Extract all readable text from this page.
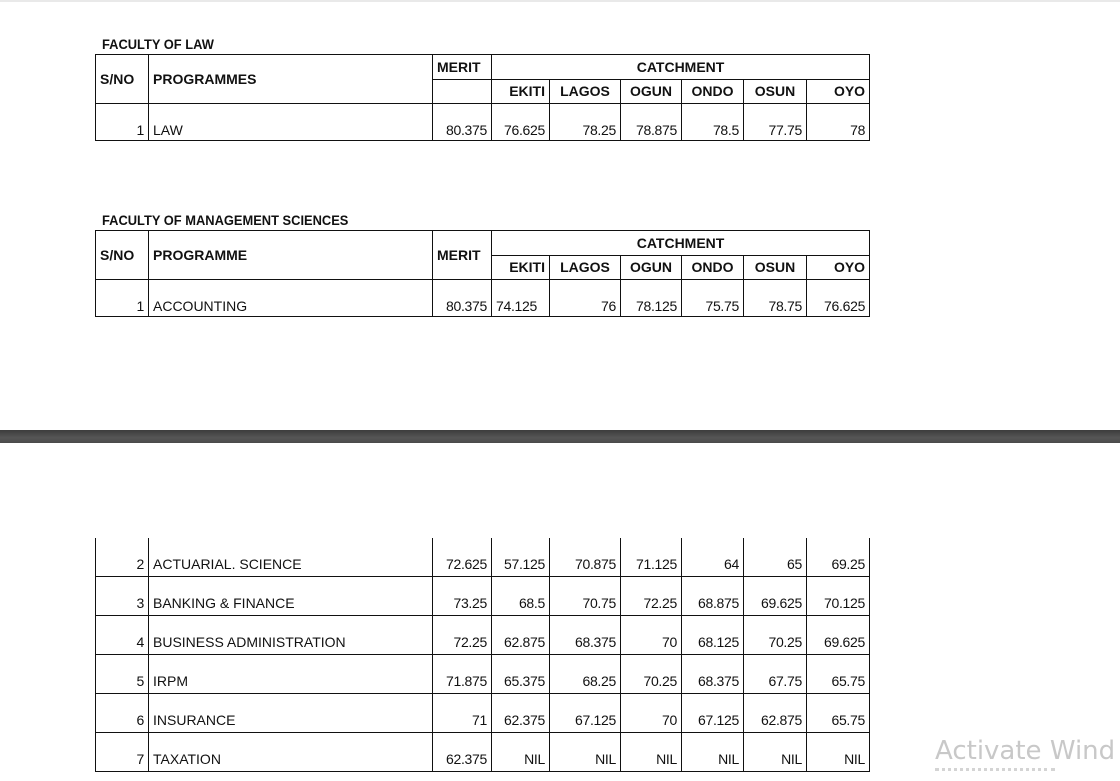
FACULTY OF LAW
S/NO	PROGRAMMES	MERIT	CATCHMENT					
			EKITI	LAGOS	OGUN	ONDO	OSUN	OYO
1	LAW	80.375	76.625	78.25	78.875	78.5	77.75	78
FACULTY OF MANAGEMENT SCIENCES
S/NO	PROGRAMME	MERIT	CATCHMENT					
			EKITI	LAGOS	OGUN	ONDO	OSUN	OYO
1	ACCOUNTING	80.375	74.125	76	78.125	75.75	78.75	76.625
2	ACTUARIAL. SCIENCE	72.625	57.125	70.875	71.125	64	65	69.25
3	BANKING & FINANCE	73.25	68.5	70.75	72.25	68.875	69.625	70.125
4	BUSINESS ADMINISTRATION	72.25	62.875	68.375	70	68.125	70.25	69.625
5	IRPM	71.875	65.375	68.25	70.25	68.375	67.75	65.75
6	INSURANCE	71	62.375	67.125	70	67.125	62.875	65.75
7	TAXATION	62.375	NIL	NIL	NIL	NIL	NIL	NIL	Activate Wind
